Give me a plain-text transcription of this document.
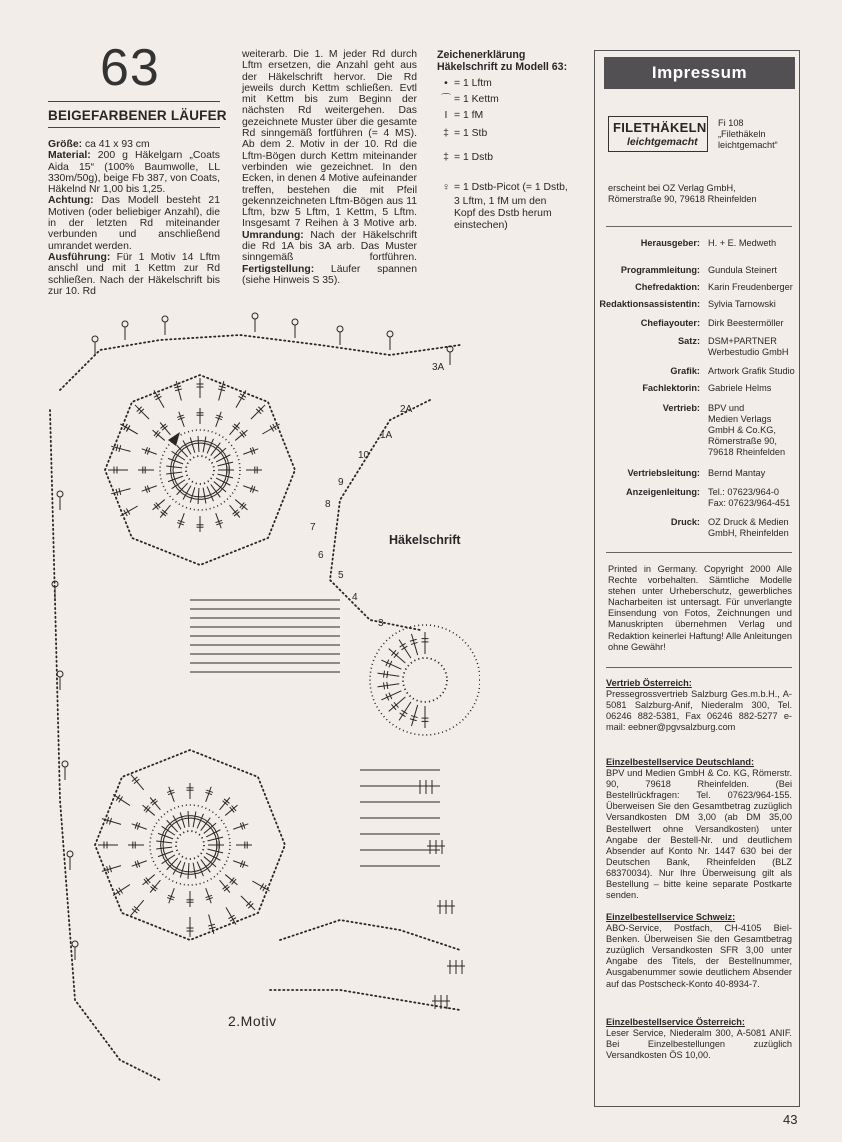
63
BEIGEFARBENER LÄUFER
Größe: ca 41 x 93 cm
Material: 200 g Häkelgarn „Coats Aida 15“ (100% Baumwolle, LL 330m/50g), beige Fb 387, von Coats, Häkelnd Nr 1,00 bis 1,25.
Achtung: Das Modell besteht 21 Motiven (oder beliebiger Anzahl), die in der letzten Rd miteinander verbunden und anschließend umrandet werden.
Ausführung: Für 1 Motiv 14 Lftm anschl und mit 1 Kettm zur Rd schließen. Nach der Häkelschrift bis zur 10. Rd
weiterarb. Die 1. M jeder Rd durch Lftm ersetzen, die Anzahl geht aus der Häkelschrift hervor. Die Rd jeweils durch Kettm schließen. Evtl mit Kettm bis zum Beginn der nächsten Rd weitergehen. Das gezeichnete Muster über die gesamte Rd sinngemäß fortführen (= 4 MS). Ab dem 2. Motiv in der 10. Rd die Lftm-Bögen durch Kettm miteinander verbinden wie gezeichnet. In den Ecken, in denen 4 Motive aufeinander treffen, bestehen die mit Pfeil gekennzeichneten Lftm-Bögen aus 11 Lftm, bzw 5 Lftm, 1 Kettm, 5 Lftm. Insgesamt 7 Reihen à 3 Motive arb. Umrandung: Nach der Häkelschrift die Rd 1A bis 3A arb. Das Muster sinngemäß fortführen. Fertigstellung: Läufer spannen (siehe Hinweis S 35).
Zeichenerklärung
Häkelschrift zu Modell 63:
• = 1 Lftm
⌒ = 1 Kettm
I = 1 fM
‡ = 1 Stb
‡ = 1 Dstb
♀ = 1 Dstb-Picot (= 1 Dstb,
3 Lftm, 1 fM um den
Kopf des Dstb herum
einstechen)
3A
2A
1A
10
9
8
7
6
5
4
3
Häkelschrift
2.Motiv
Impressum
FILETHÄKELN
leichtgemacht
Fi 108
„Filethäkeln
leichtgemacht“
erscheint bei OZ Verlag GmbH,
Römerstraße 90, 79618 Rheinfelden
Herausgeber: H. + E. Medweth
Programmleitung: Gundula Steinert
Chefredaktion: Karin Freudenberger
Redaktionsassistentin: Sylvia Tarnowski
Chefiayouter: Dirk Beestermöller
Satz: DSM+PARTNER
Werbestudio GmbH
Grafik: Artwork Grafik Studio
Fachlektorin: Gabriele Helms
Vertrieb: BPV und
Medien Verlags
GmbH & Co.KG,
Römerstraße 90,
79618 Rheinfelden
Vertriebsleitung: Bernd Mantay
Anzeigenleitung: Tel.: 07623/964-0
Fax: 07623/964-451
Druck: OZ Druck & Medien
GmbH, Rheinfelden
Printed in Germany. Copyright 2000 Alle Rechte vorbehalten. Sämtliche Modelle stehen unter Urheberschutz, gewerbliches Nacharbeiten ist untersagt. Für unverlangte Einsendung von Fotos, Zeichnungen und Manuskripten übernehmen Verlag und Redaktion keinerlei Haftung! Alle Anleitungen ohne Gewähr!
Vertrieb Österreich:
Pressegrossvertrieb Salzburg Ges.m.b.H., A-5081 Salzburg-Anif, Niederalm 300, Tel. 06246 882-5381, Fax 06246 882-5277 e-mail: eebner@pgvsalzburg.com
Einzelbestellservice Deutschland:
BPV und Medien GmbH & Co. KG, Römerstr. 90, 79618 Rheinfelden. (Bei Bestellrückfragen: Tel. 07623/964-155. Überweisen Sie den Gesamtbetrag zuzüglich Versandkosten DM 3,00 (ab DM 35,00 Bestellwert ohne Versandkosten) unter Angabe der Bestell-Nr. und deutlichem Absender auf Konto Nr. 1447 630 bei der Deutschen Bank, Rheinfelden (BLZ 68370034). Nur Ihre Überweisung gilt als Bestellung – bitte keine separate Postkarte senden.
Einzelbestellservice Schweiz:
ABO-Service, Postfach, CH-4105 Biel-Benken. Überweisen Sie den Gesamtbetrag zuzüglich Versandkosten SFR 3,00 unter Angabe des Titels, der Bestellnummer, Ausgabenummer sowie deutlichem Absender auf das Postscheck-Konto 40-8934-7.
Einzelbestellservice Österreich:
Leser Service, Niederalm 300, A-5081 ANIF. Bei Einzelbestellungen zuzüglich Versandkosten ÖS 10,00.
43
